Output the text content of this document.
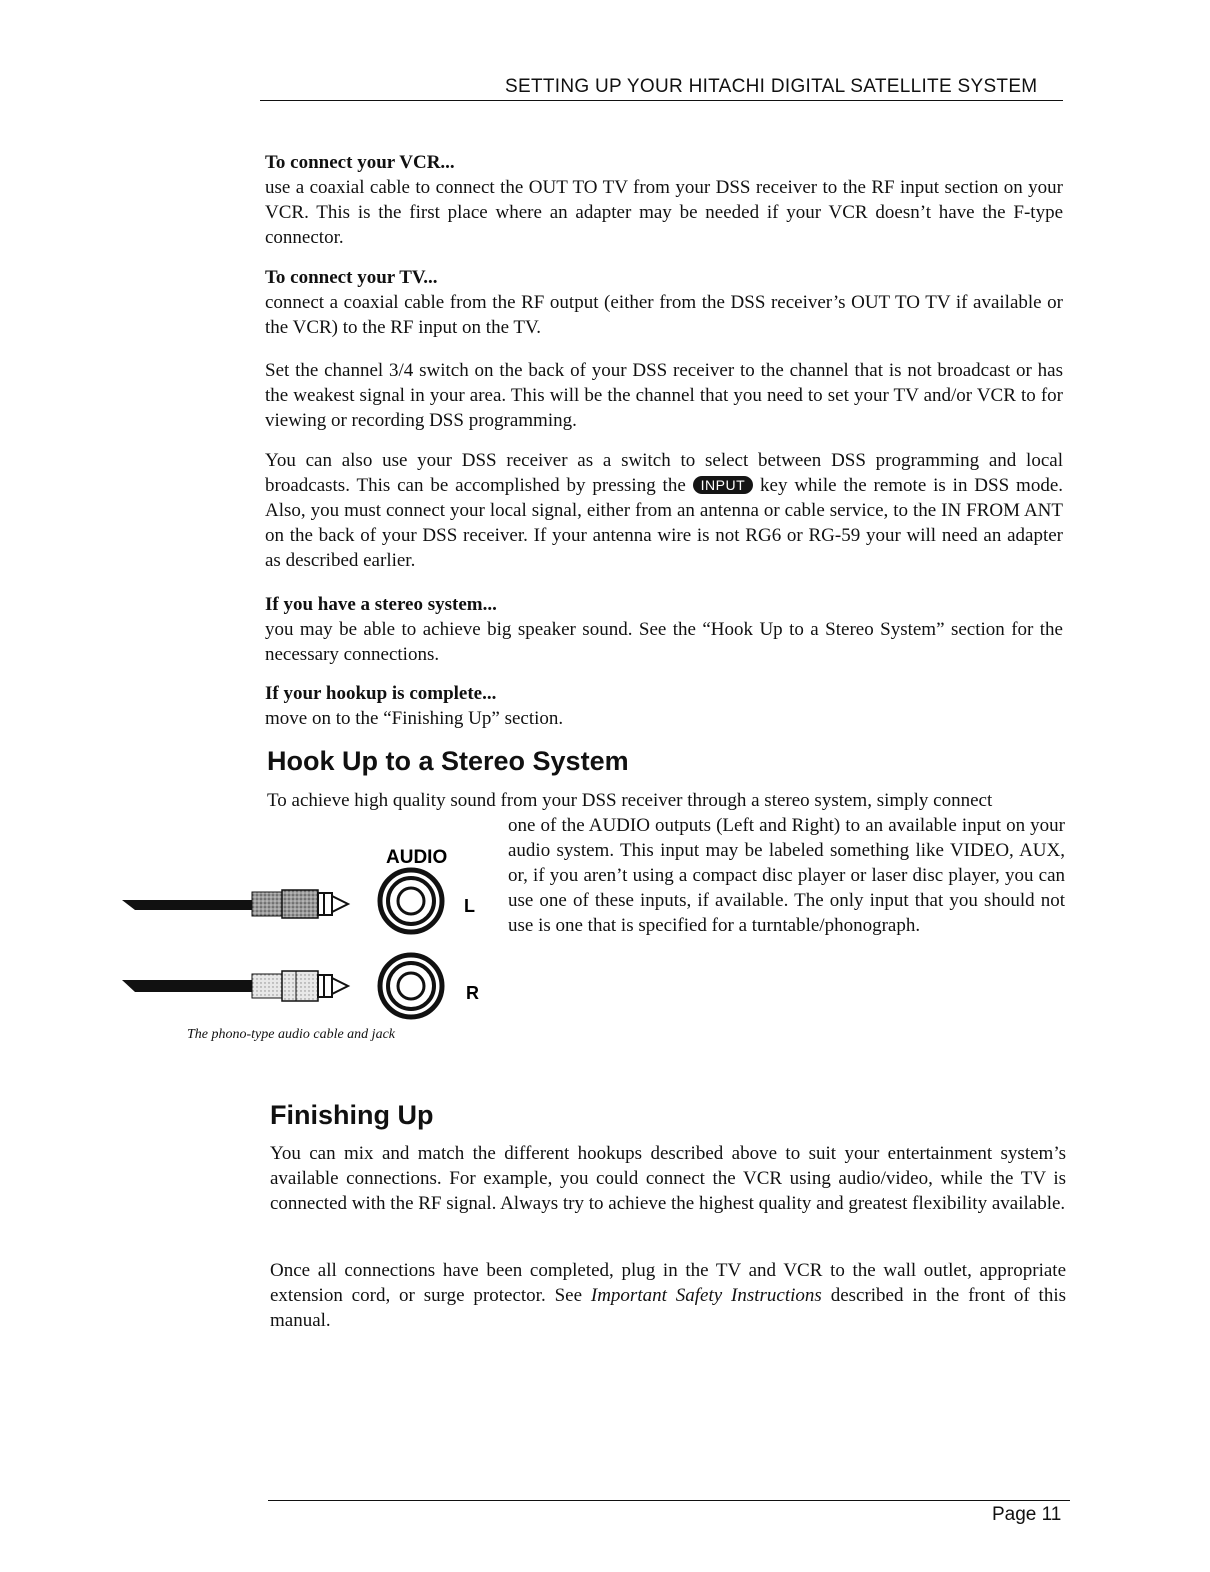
SETTING UP YOUR HITACHI DIGITAL SATELLITE SYSTEM

To connect your VCR...

use a coaxial cable to connect the OUT TO TV from your DSS receiver to the RF input section on your VCR. This is the first place where an adapter may be needed if your VCR doesn’t have the F-type connector.

To connect your TV...

connect a coaxial cable from the RF output (either from the DSS receiver’s OUT TO TV if available or the VCR) to the RF input on the TV.

Set the channel 3/4 switch on the back of your DSS receiver to the channel that is not broadcast or has the weakest signal in your area. This will be the channel that you need to set your TV and/or VCR to for viewing or recording DSS programming.

You can also use your DSS receiver as a switch to select between DSS programming and local broadcasts. This can be accomplished by pressing the INPUT key while the remote is in DSS mode. Also, you must connect your local signal, either from an antenna or cable service, to the IN FROM ANT on the back of your DSS receiver. If your antenna wire is not RG6 or RG-59 your will need an adapter as described earlier.

If you have a stereo system...

you may be able to achieve big speaker sound. See the “Hook Up to a Stereo System” section for the necessary connections.

If your hookup is complete...

move on to the “Finishing Up” section.

Hook Up to a Stereo System
To achieve high quality sound from your DSS receiver through a stereo system, simply connect
one of the AUDIO outputs (Left and Right) to an available input on your audio system. This input may be labeled something like VIDEO, AUX, or, if you aren’t using a compact disc player or laser disc player, you can use one of these inputs, if available. The only input that you should not use is one that is specified for a turntable/phonograph.
AUDIO
L
R
The phono-type audio cable and jack
Finishing Up

You can mix and match the different hookups described above to suit your entertainment system’s available connections. For example, you could connect the VCR using audio/video, while the TV is connected with the RF signal. Always try to achieve the highest quality and greatest flexibility available.

Once all connections have been completed, plug in the TV and VCR to the wall outlet, appropriate extension cord, or surge protector. See Important Safety Instructions described in the front of this manual.

Page 11
